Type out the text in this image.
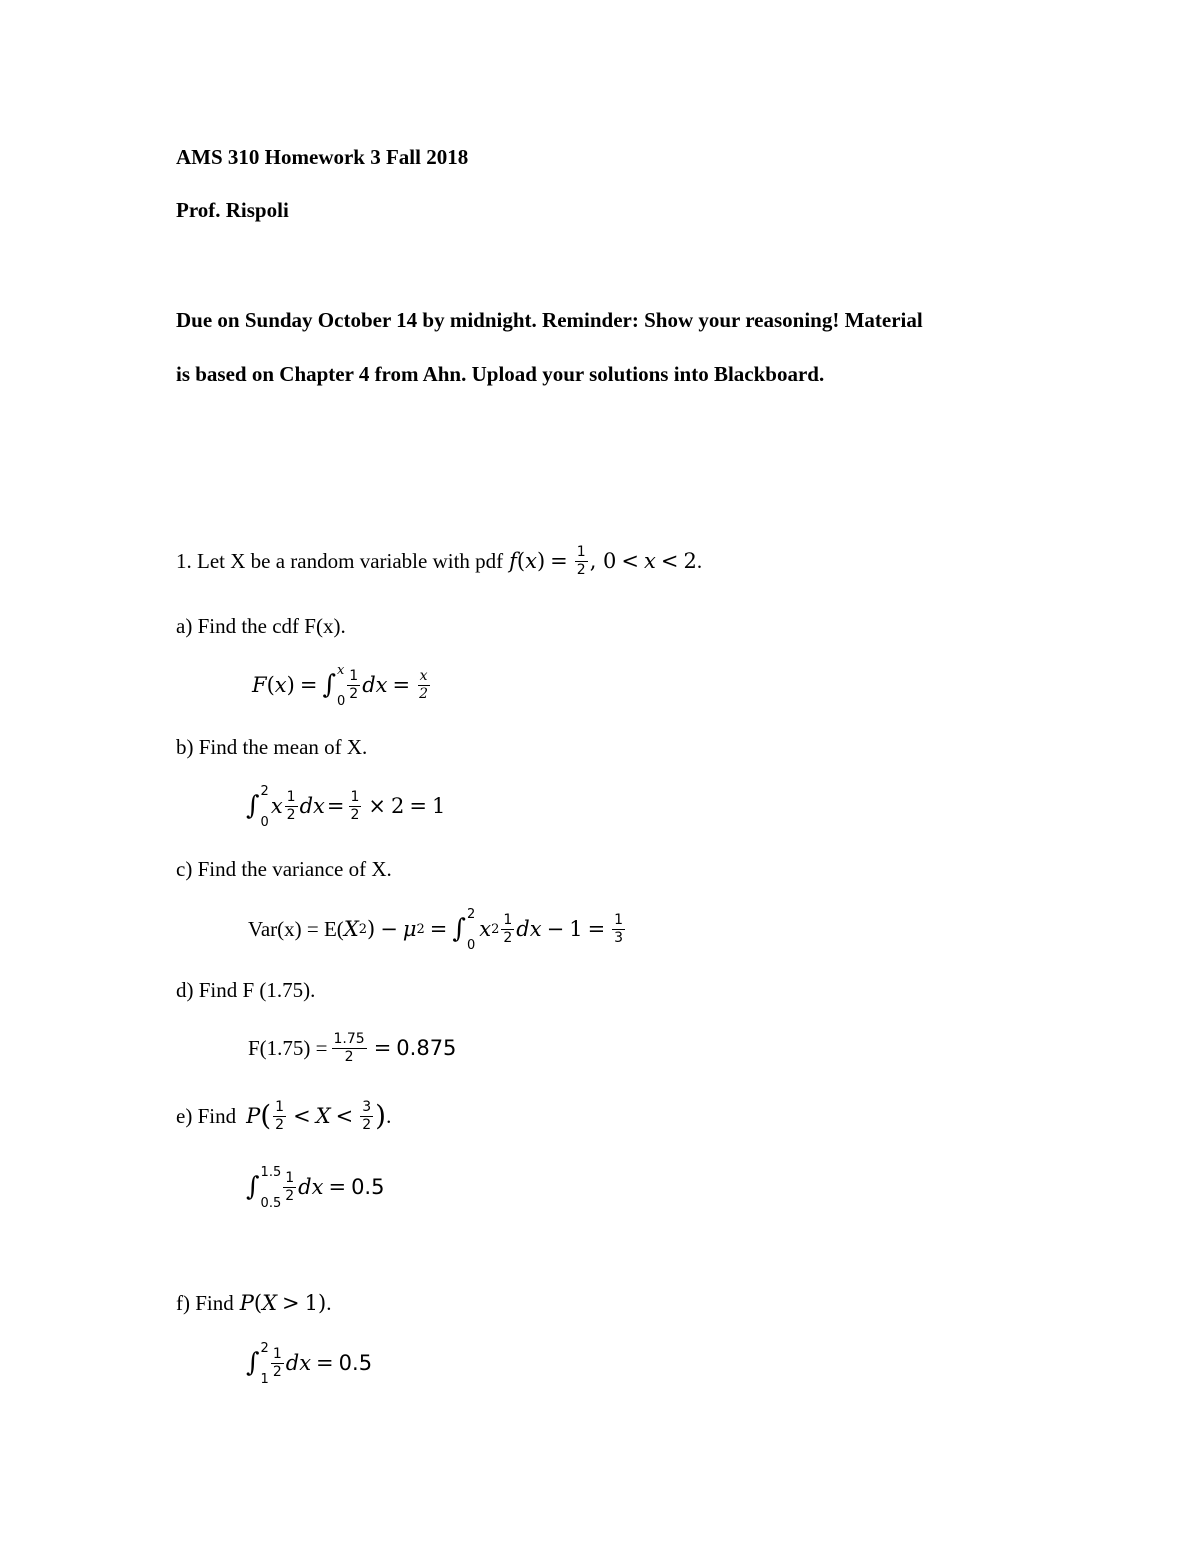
AMS 310 Homework 3 Fall 2018
Prof. Rispoli
Due on Sunday October 14 by midnight. Reminder: Show your reasoning! Material
is based on Chapter 4 from Ahn. Upload your solutions into Blackboard.
1. Let X be a random variable with pdf f ( x ) = $\frac{1}{2}$ , 0 < x < 2 .
a) Find the cdf F(x).
F ( x ) = ∫ x
0
$\frac{1}{2}$ dx = $\frac{x}{2}$
b) Find the mean of X.
∫ 2
0
x $\frac{1}{2}$ dx = $\frac{1}{2} \times 2 = 1$
c) Find the variance of X.
Var(x) = E( X 2 ) − μ 2 = ∫ 2
0
x $2 \frac{1}{2}$ dx − $1 = \frac{1}{3}$
d) Find F (1.75).
$F(1.75) = \frac{1.75}{2} = 0.875$
e) Find P ( $\frac{1}{2} < X < \frac{3}{2}$ ) .
∫ 1.5
0.5
$\frac{1}{2}$ dx = 0.5
f) Find P ( X > 1 ) .
∫ 2
1
$\frac{1}{2}$ dx = 0.5
